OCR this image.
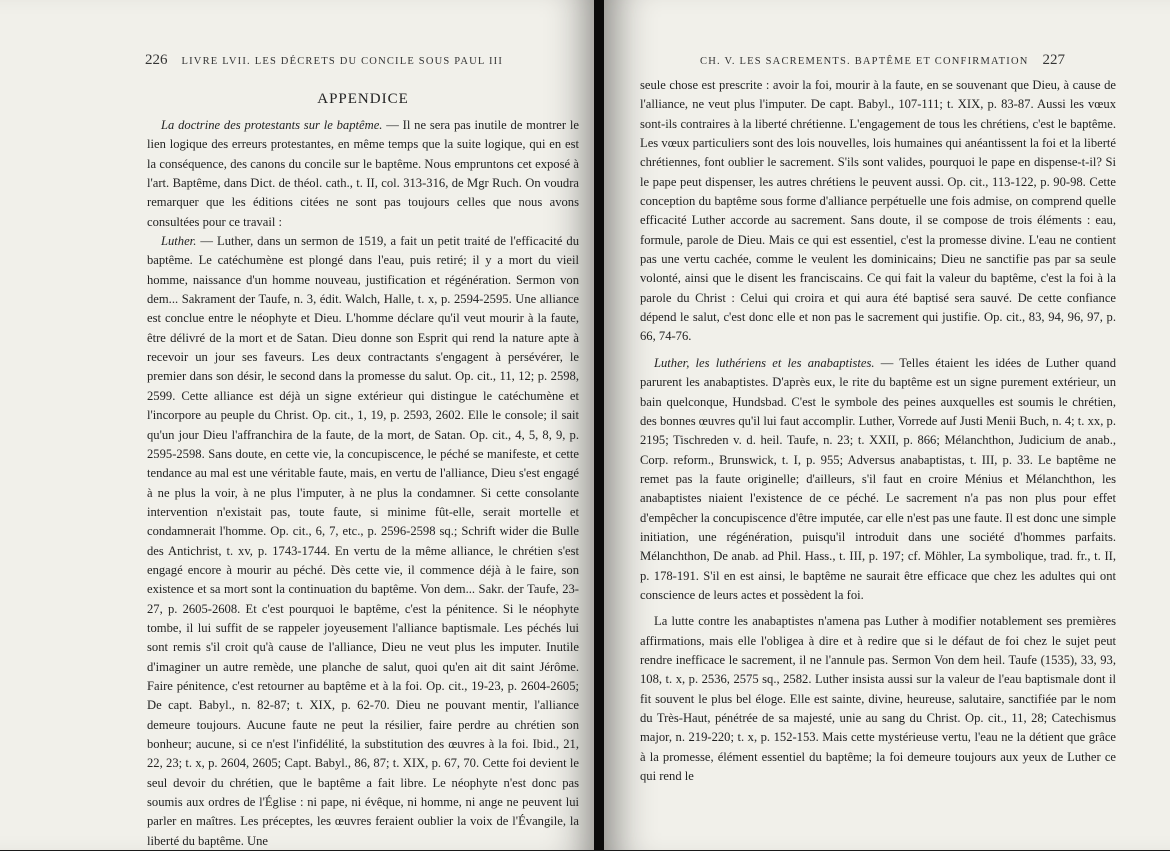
226 LIVRE LVII. LES DÉCRETS DU CONCILE SOUS PAUL III
APPENDICE

La doctrine des protestants sur le baptême. — Il ne sera pas inutile de montrer le lien logique des erreurs protestantes, en même temps que la suite logique, qui en est la conséquence, des canons du concile sur le baptême. Nous empruntons cet exposé à l'art. Baptême, dans Dict. de théol. cath., t. II, col. 313-316, de Mgr Ruch. On voudra remarquer que les éditions citées ne sont pas toujours celles que nous avons consultées pour ce travail :

Luther. — Luther, dans un sermon de 1519, a fait un petit traité de l'efficacité du baptême. Le catéchumène est plongé dans l'eau, puis retiré; il y a mort du vieil homme, naissance d'un homme nouveau, justification et régénération. Sermon von dem... Sakrament der Taufe, n. 3, édit. Walch, Halle, t. x, p. 2594-2595. Une alliance est conclue entre le néophyte et Dieu. L'homme déclare qu'il veut mourir à la faute, être délivré de la mort et de Satan. Dieu donne son Esprit qui rend la nature apte à recevoir un jour ses faveurs. Les deux contractants s'engagent à persévérer, le premier dans son désir, le second dans la promesse du salut. Op. cit., 11, 12; p. 2598, 2599. Cette alliance est déjà un signe extérieur qui distingue le catéchumène et l'incorpore au peuple du Christ. Op. cit., 1, 19, p. 2593, 2602. Elle le console; il sait qu'un jour Dieu l'affranchira de la faute, de la mort, de Satan. Op. cit., 4, 5, 8, 9, p. 2595-2598. Sans doute, en cette vie, la concupiscence, le péché se manifeste, et cette tendance au mal est une véritable faute, mais, en vertu de l'alliance, Dieu s'est engagé à ne plus la voir, à ne plus l'imputer, à ne plus la condamner. Si cette consolante intervention n'existait pas, toute faute, si minime fût-elle, serait mortelle et condamnerait l'homme. Op. cit., 6, 7, etc., p. 2596-2598 sq.; Schrift wider die Bulle des Antichrist, t. xv, p. 1743-1744. En vertu de la même alliance, le chrétien s'est engagé encore à mourir au péché. Dès cette vie, il commence déjà à le faire, son existence et sa mort sont la continuation du baptême. Von dem... Sakr. der Taufe, 23-27, p. 2605-2608. Et c'est pourquoi le baptême, c'est la pénitence. Si le néophyte tombe, il lui suffit de se rappeler joyeusement l'alliance baptismale. Les péchés lui sont remis s'il croit qu'à cause de l'alliance, Dieu ne veut plus les imputer. Inutile d'imaginer un autre remède, une planche de salut, quoi qu'en ait dit saint Jérôme. Faire pénitence, c'est retourner au baptême et à la foi. Op. cit., 19-23, p. 2604-2605; De capt. Babyl., n. 82-87; t. XIX, p. 62-70. Dieu ne pouvant mentir, l'alliance demeure toujours. Aucune faute ne peut la résilier, faire perdre au chrétien son bonheur; aucune, si ce n'est l'infidélité, la substitution des œuvres à la foi. Ibid., 21, 22, 23; t. x, p. 2604, 2605; Capt. Babyl., 86, 87; t. XIX, p. 67, 70. Cette foi devient le seul devoir du chrétien, que le baptême a fait libre. Le néophyte n'est donc pas soumis aux ordres de l'Église : ni pape, ni évêque, ni homme, ni ange ne peuvent lui parler en maîtres. Les préceptes, les œuvres feraient oublier la voix de l'Évangile, la liberté du baptême. Une

CH. V. LES SACREMENTS. BAPTÊME ET CONFIRMATION 227

seule chose est prescrite : avoir la foi, mourir à la faute, en se souvenant que Dieu, à cause de l'alliance, ne veut plus l'imputer. De capt. Babyl., 107-111; t. XIX, p. 83-87. Aussi les vœux sont-ils contraires à la liberté chrétienne. L'engagement de tous les chrétiens, c'est le baptême. Les vœux particuliers sont des lois nouvelles, lois humaines qui anéantissent la foi et la liberté chrétiennes, font oublier le sacrement. S'ils sont valides, pourquoi le pape en dispense-t-il? Si le pape peut dispenser, les autres chrétiens le peuvent aussi. Op. cit., 113-122, p. 90-98. Cette conception du baptême sous forme d'alliance perpétuelle une fois admise, on comprend quelle efficacité Luther accorde au sacrement. Sans doute, il se compose de trois éléments : eau, formule, parole de Dieu. Mais ce qui est essentiel, c'est la promesse divine. L'eau ne contient pas une vertu cachée, comme le veulent les dominicains; Dieu ne sanctifie pas par sa seule volonté, ainsi que le disent les franciscains. Ce qui fait la valeur du baptême, c'est la foi à la parole du Christ : Celui qui croira et qui aura été baptisé sera sauvé. De cette confiance dépend le salut, c'est donc elle et non pas le sacrement qui justifie. Op. cit., 83, 94, 96, 97, p. 66, 74-76.

Luther, les luthériens et les anabaptistes. — Telles étaient les idées de Luther quand parurent les anabaptistes. D'après eux, le rite du baptême est un signe purement extérieur, un bain quelconque, Hundsbad. C'est le symbole des peines auxquelles est soumis le chrétien, des bonnes œuvres qu'il lui faut accomplir. Luther, Vorrede auf Justi Menii Buch, n. 4; t. xx, p. 2195; Tischreden v. d. heil. Taufe, n. 23; t. XXII, p. 866; Mélanchthon, Judicium de anab., Corp. reform., Brunswick, t. I, p. 955; Adversus anabaptistas, t. III, p. 33. Le baptême ne remet pas la faute originelle; d'ailleurs, s'il faut en croire Ménius et Mélanchthon, les anabaptistes niaient l'existence de ce péché. Le sacrement n'a pas non plus pour effet d'empêcher la concupiscence d'être imputée, car elle n'est pas une faute. Il est donc une simple initiation, une régénération, puisqu'il introduit dans une société d'hommes parfaits. Mélanchthon, De anab. ad Phil. Hass., t. III, p. 197; cf. Möhler, La symbolique, trad. fr., t. II, p. 178-191. S'il en est ainsi, le baptême ne saurait être efficace que chez les adultes qui ont conscience de leurs actes et possèdent la foi.

La lutte contre les anabaptistes n'amena pas Luther à modifier notablement ses premières affirmations, mais elle l'obligea à dire et à redire que si le défaut de foi chez le sujet peut rendre inefficace le sacrement, il ne l'annule pas. Sermon Von dem heil. Taufe (1535), 33, 93, 108, t. x, p. 2536, 2575 sq., 2582. Luther insista aussi sur la valeur de l'eau baptismale dont il fit souvent le plus bel éloge. Elle est sainte, divine, heureuse, salutaire, sanctifiée par le nom du Très-Haut, pénétrée de sa majesté, unie au sang du Christ. Op. cit., 11, 28; Catechismus major, n. 219-220; t. x, p. 152-153. Mais cette mystérieuse vertu, l'eau ne la détient que grâce à la promesse, élément essentiel du baptême; la foi demeure toujours aux yeux de Luther ce qui rend le
